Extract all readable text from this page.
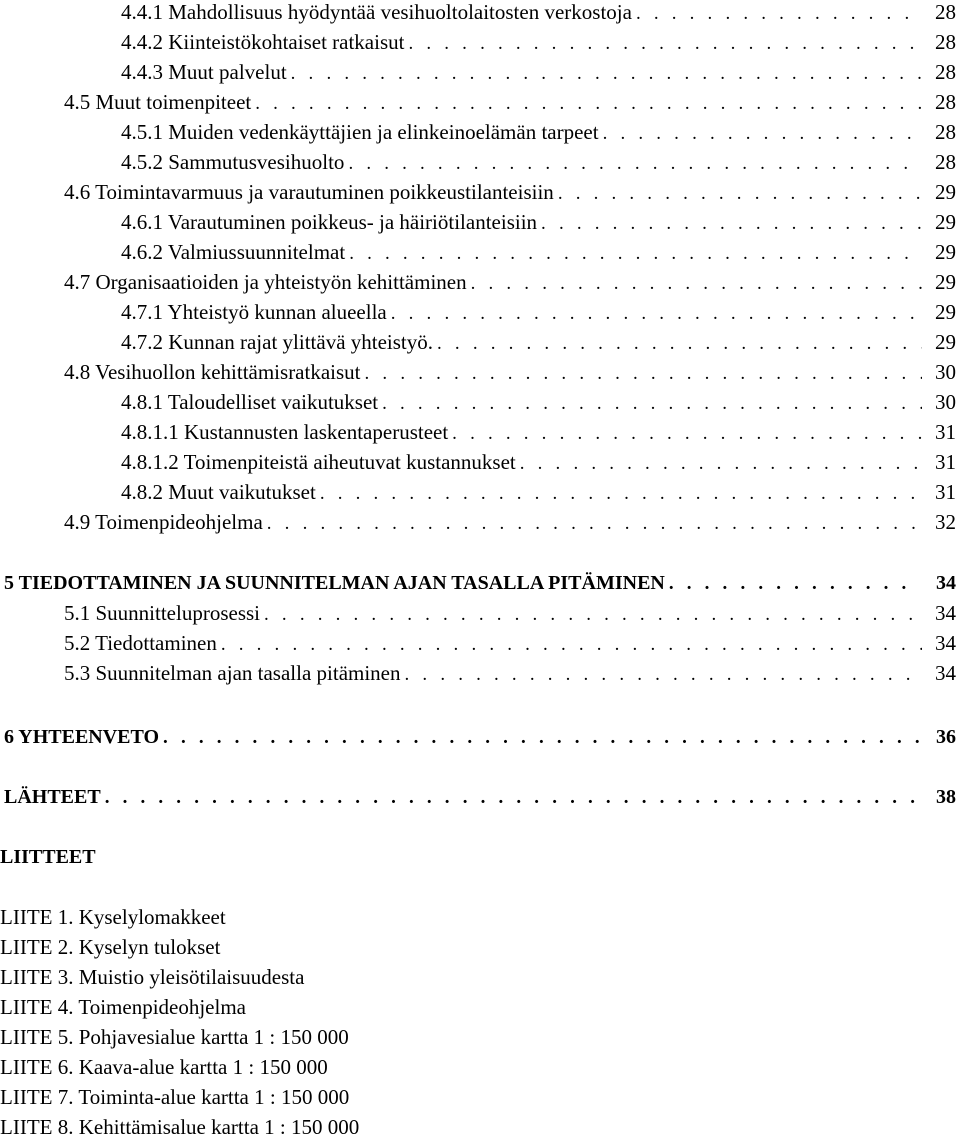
4.4.1 Mahdollisuus hyödyntää vesihuoltolaitosten verkostoja . . .	28
4.4.2 Kiinteistökohtaiset ratkaisut . . .	28
4.4.3 Muut palvelut . . .	28
4.5 Muut toimenpiteet . . .	28
4.5.1 Muiden vedenkäyttäjien ja elinkeinoelämän tarpeet . . .	28
4.5.2 Sammutusvesihuolto . . .	28
4.6 Toimintavarmuus ja varautuminen poikkeustilanteisiin . . .	29
4.6.1 Varautuminen poikkeus- ja häiriötilanteisiin . . .	29
4.6.2 Valmiussuunnitelmat . . .	29
4.7 Organisaatioiden ja yhteistyön kehittäminen . . .	29
4.7.1 Yhteistyö kunnan alueella . . .	29
4.7.2 Kunnan rajat ylittävä yhteistyö. . . .	29
4.8 Vesihuollon kehittämisratkaisut . . .	30
4.8.1 Taloudelliset vaikutukset . . .	30
4.8.1.1 Kustannusten laskentaperusteet . . .	31
4.8.1.2 Toimenpiteistä aiheutuvat kustannukset . . .	31
4.8.2 Muut vaikutukset . . .	31
4.9 Toimenpideohjelma . . .	32
5 TIEDOTTAMINEN JA SUUNNITELMAN AJAN TASALLA PITÄMINEN . . .	34
5.1 Suunnitteluprosessi . . .	34
5.2 Tiedottaminen . . .	34
5.3 Suunnitelman ajan tasalla pitäminen . . .	34
6 YHTEENVETO . . .	36
LÄHTEET . . .	38
LIITTEET
LIITE 1. Kyselylomakkeet
LIITE 2. Kyselyn tulokset
LIITE 3. Muistio yleisötilaisuudesta
LIITE 4. Toimenpideohjelma
LIITE 5. Pohjavesialue kartta 1 : 150 000
LIITE 6. Kaava-alue kartta 1 : 150 000
LIITE 7. Toiminta-alue kartta 1 : 150 000
LIITE 8. Kehittämisalue kartta 1 : 150 000
